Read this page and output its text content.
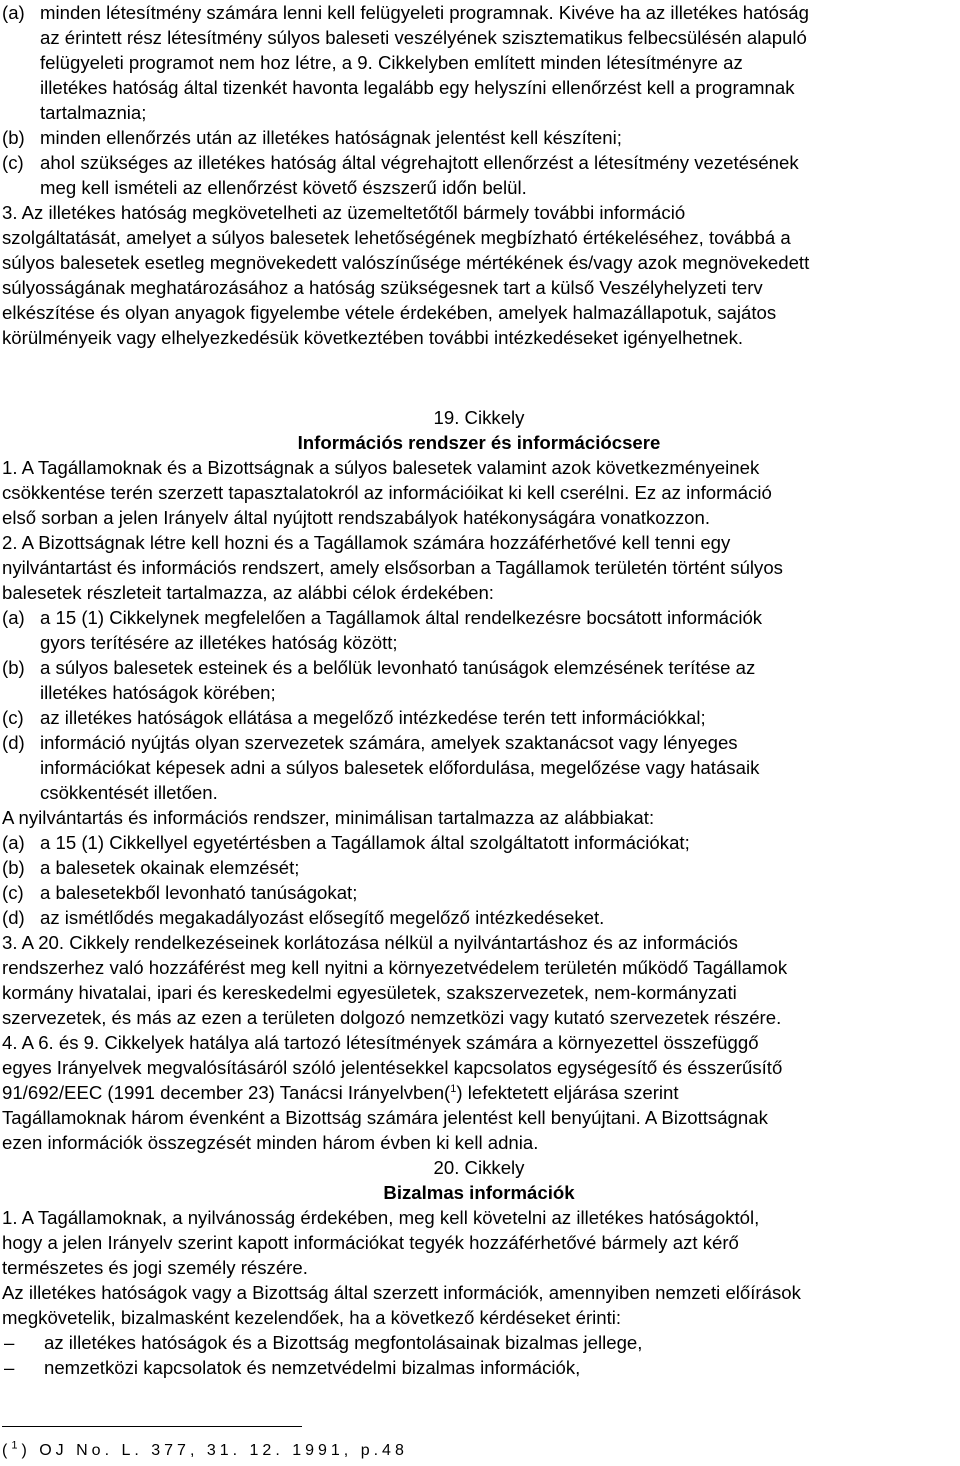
(a) minden létesítmény számára lenni kell felügyeleti programnak. Kivéve ha az illetékes hatóság
az érintett rész létesítmény súlyos baleseti veszélyének szisztematikus felbecsülésén alapuló
felügyeleti programot nem hoz létre, a 9. Cikkelyben említett minden létesítményre az
illetékes hatóság által tizenkét havonta legalább egy helyszíni ellenőrzést kell a programnak
tartalmaznia;
(b) minden ellenőrzés után az illetékes hatóságnak jelentést kell készíteni;
(c) ahol szükséges az illetékes hatóság által végrehajtott ellenőrzést a létesítmény vezetésének
meg kell ismételi az ellenőrzést követő észszerű időn belül.
3. Az illetékes hatóság megkövetelheti az üzemeltetőtől bármely további információ
szolgáltatását, amelyet a súlyos balesetek lehetőségének megbízható értékeléséhez, továbbá a
súlyos balesetek esetleg megnövekedett valószínűsége mértékének és/vagy azok megnövekedett
súlyosságának meghatározásához a hatóság szükségesnek tart a külső Veszélyhelyzeti terv
elkészítése és olyan anyagok figyelembe vétele érdekében, amelyek halmazállapotuk, sajátos
körülményeik vagy elhelyezkedésük következtében további intézkedéseket igényelhetnek.
19. Cikkely
Információs rendszer és információcsere
1. A Tagállamoknak és a Bizottságnak a súlyos balesetek valamint azok következményeinek
csökkentése terén szerzett tapasztalatokról az információikat ki kell cserélni. Ez az információ
első sorban a jelen Irányelv által nyújtott rendszabályok hatékonyságára vonatkozzon.
2. A Bizottságnak létre kell hozni és a Tagállamok számára hozzáférhetővé kell tenni egy
nyilvántartást és információs rendszert, amely elsősorban a Tagállamok területén történt súlyos
balesetek részleteit tartalmazza, az alábbi célok érdekében:
(a) a 15 (1) Cikkelynek megfelelően a Tagállamok által rendelkezésre bocsátott információk
gyors terítésére az illetékes hatóság között;
(b) a súlyos balesetek esteinek és a belőlük levonható tanúságok elemzésének terítése az
illetékes hatóságok körében;
(c) az illetékes hatóságok ellátása a megelőző intézkedése terén tett információkkal;
(d) információ nyújtás olyan szervezetek számára, amelyek szaktanácsot vagy lényeges
információkat képesek adni a súlyos balesetek előfordulása, megelőzése vagy hatásaik
csökkentését illetően.
A nyilvántartás és információs rendszer, minimálisan tartalmazza az alábbiakat:
(a) a 15 (1) Cikkellyel egyetértésben a Tagállamok által szolgáltatott információkat;
(b) a balesetek okainak elemzését;
(c) a balesetekből levonható tanúságokat;
(d) az ismétlődés megakadályozást elősegítő megelőző intézkedéseket.
3. A 20. Cikkely rendelkezéseinek korlátozása nélkül a nyilvántartáshoz és az információs
rendszerhez való hozzáférést meg kell nyitni a környezetvédelem területén működő Tagállamok
kormány hivatalai, ipari és kereskedelmi egyesületek, szakszervezetek, nem-kormányzati
szervezetek, és más az ezen a területen dolgozó nemzetközi vagy kutató szervezetek részére.
4. A 6. és 9. Cikkelyek hatálya alá tartozó létesítmények számára a környezettel összefüggő
egyes Irányelvek megvalósításáról szóló jelentésekkel kapcsolatos egységesítő és ésszerűsítő
91/692/EEC (1991 december 23) Tanácsi Irányelvben($^1$) lefektetett eljárása szerint
Tagállamoknak három évenként a Bizottság számára jelentést kell benyújtani. A Bizottságnak
ezen információk összegzését minden három évben ki kell adnia.
20. Cikkely
Bizalmas információk
1. A Tagállamoknak, a nyilvánosság érdekében, meg kell követelni az illetékes hatóságoktól,
hogy a jelen Irányelv szerint kapott információkat tegyék hozzáférhetővé bármely azt kérő
természetes és jogi személy részére.
Az illetékes hatóságok vagy a Bizottság által szerzett információk, amennyiben nemzeti előírások
megkövetelik, bizalmasként kezelendőek, ha a következő kérdéseket érinti:
– az illetékes hatóságok és a Bizottság megfontolásainak bizalmas jellege,
– nemzetközi kapcsolatok és nemzetvédelmi bizalmas információk,
($^1$) OJ No. L. 377, 31. 12. 1991, p.48
